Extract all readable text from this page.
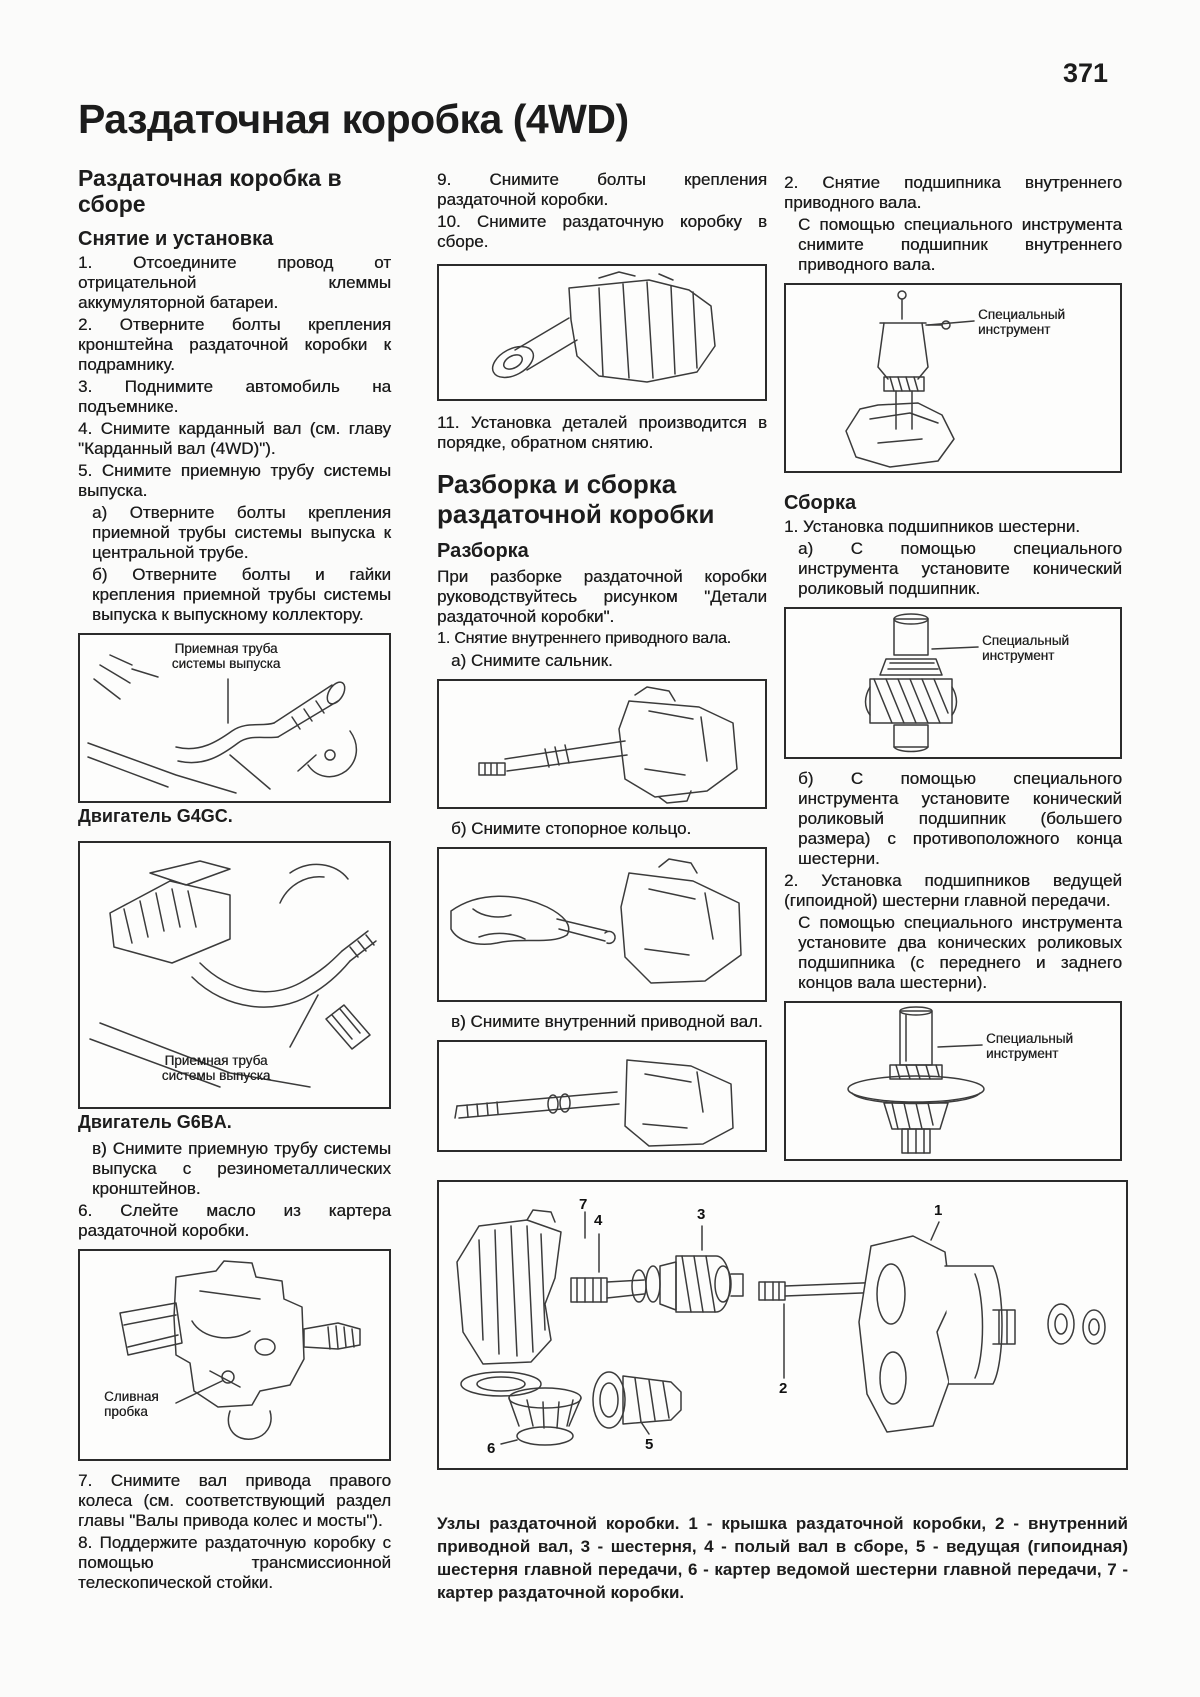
371
Раздаточная коробка (4WD)
Раздаточная коробка в сборе
Снятие и установка

1. Отсоедините провод от отрицательной клеммы аккумуляторной батареи.

2. Отверните болты крепления кронштейна раздаточной коробки к подрамнику.

3. Поднимите автомобиль на подъемнике.

4. Снимите карданный вал (см. главу "Карданный вал (4WD)").

5. Снимите приемную трубу системы выпуска.

а) Отверните болты крепления приемной трубы системы выпуска к центральной трубе.

б) Отверните болты и гайки крепления приемной трубы системы выпуска к выпускному коллектору.

Приемная труба системы выпуска
Двигатель G4GC.
Приемная труба системы выпуска
Двигатель G6BA.

в) Снимите приемную трубу системы выпуска с резинометаллических кронштейнов.

6. Слейте масло из картера раздаточной коробки.

Сливная пробка

7. Снимите вал привода правого колеса (см. соответствующий раздел главы "Валы привода колес и мосты").

8. Поддержите раздаточную коробку с помощью трансмиссионной телескопической стойки.

9. Снимите болты крепления раздаточной коробки.

10. Снимите раздаточную коробку в сборе.

11. Установка деталей производится в порядке, обратном снятию.

Разборка и сборка раздаточной коробки
Разборка

При разборке раздаточной коробки руководствуйтесь рисунком "Детали раздаточной коробки".

1. Снятие внутреннего приводного вала.

а) Снимите сальник.

б) Снимите стопорное кольцо.

в) Снимите внутренний приводной вал.

2. Снятие подшипника внутреннего приводного вала.

С помощью специального инструмента снимите подшипник внутреннего приводного вала.

Специальный инструмент
Сборка

1. Установка подшипников шестерни.

а) С помощью специального инструмента установите конический роликовый подшипник.

Специальный инструмент

б) С помощью специального инструмента установите конический роликовый подшипник (большего размера) с противоположного конца шестерни.

2. Установка подшипников ведущей (гипоидной) шестерни главной передачи.

С помощью специального инструмента установите два конических роликовых подшипника (с переднего и заднего концов вала шестерни).

Специальный инструмент
7
4	3	1
2
5
6
Узлы раздаточной коробки. 1 - крышка раздаточной коробки, 2 - внутренний приводной вал, 3 - шестерня, 4 - полый вал в сборе, 5 - ведущая (гипоидная) шестерня главной передачи, 6 - картер ведомой шестерни главной передачи, 7 - картер раздаточной коробки.
